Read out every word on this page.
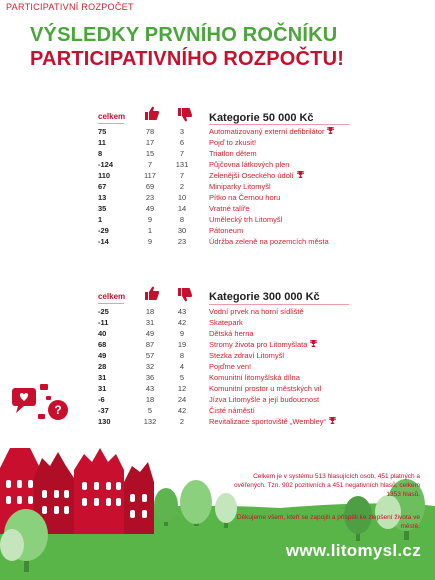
?
PARTICIPATIVNÍ ROZPOČET
VÝSLEDKY PRVNÍHO ROČNÍKU
PARTICIPATIVNÍHO ROZPOČTU!
celkem	Kategorie 50 000 Kč
75	78	3	Automatizovaný externí defibrilátor
11	17	6	Pojď to zkusit!
8	15	7	Triatlon dětem
-124	7	131	Půjčovna látkových plen
110	117	7	Zelenější Oseckého údolí
67	69	2	Miniparky Litomyšl
13	23	10	Pítko na Černou horu
35	49	14	Vratné talíře
1	9	8	Umělecký trh Litomyšl
-29	1	30	Pátoneum
-14	9	23	Údržba zeleně na pozemcích města
celkem	Kategorie 300 000 Kč
-25	18	43	Vodní prvek na horní sídliště
-11	31	42	Skatepark
40	49	9	Dětská herna
68	87	19	Stromy života pro Litomyšlata
49	57	8	Stezka zdraví Litomyšl
28	32	4	Pojďme ven!
31	36	5	Komunitní litomyšlská dílna
31	43	12	Komunitní prostor u městských vil
-6	18	24	Jízva Litomyšle a její budoucnost
-37	5	42	Čisté náměstí
130	132	2	Revitalizace sportoviště „Wembley“
Celkem je v systému 513 hlasujících osob, 451 platných a ověřených. Tzn. 902 pozitivních a 451 negativních hlasů, celkem 1353 hlasů.
Děkujeme všem, kteří se zapojili a přispěli ke zlepšení života ve městě.
www.litomysl.cz
